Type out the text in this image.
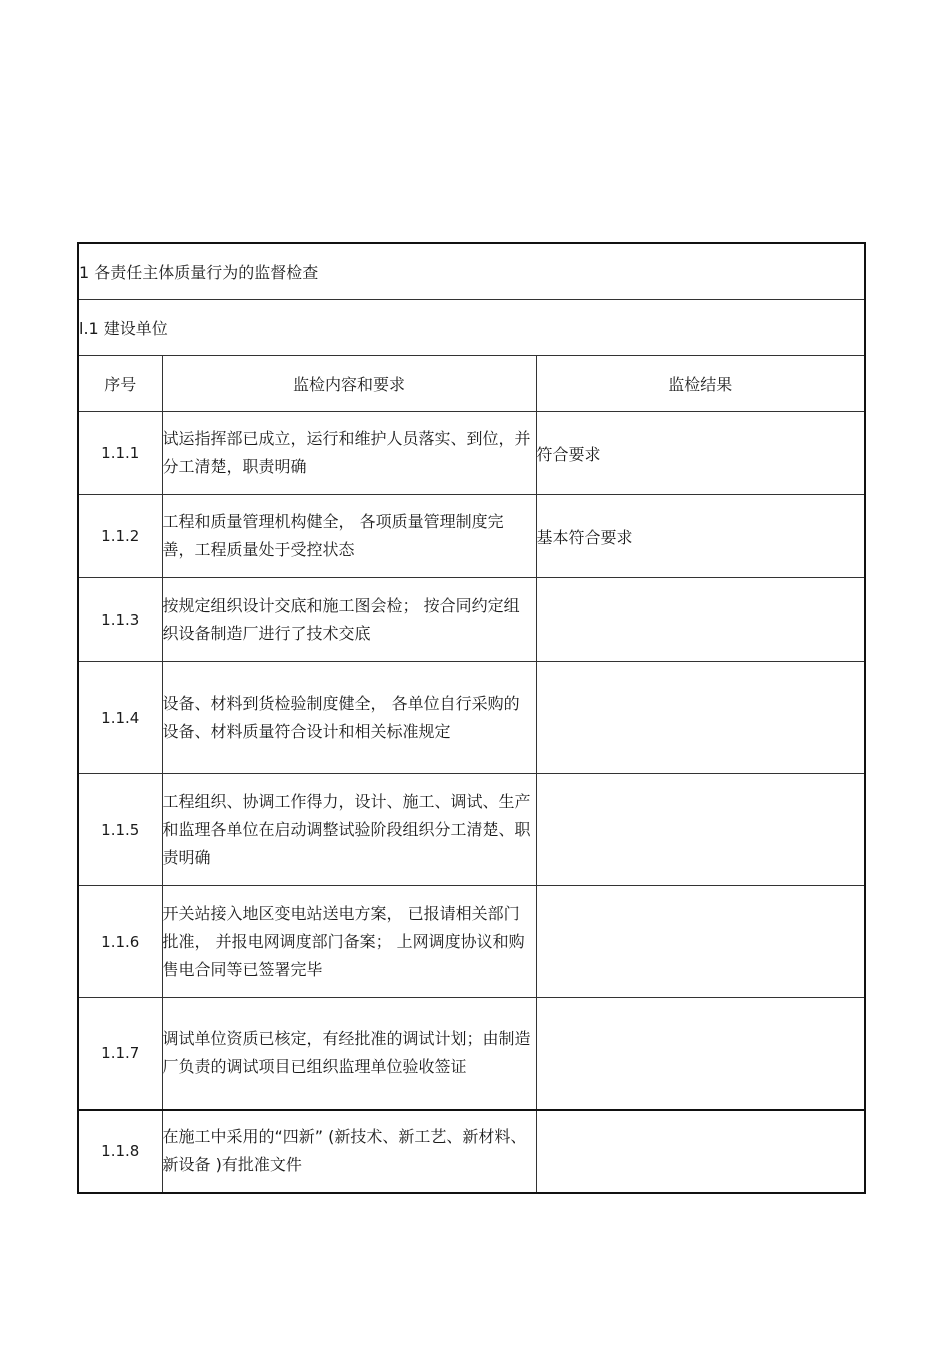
1 各责任主体质量行为的监督检查		
l.1 建设单位		
序号	监检内容和要求	监检结果
1.1.1	试运指挥部已成立，运行和维护人员落实、到位，并分工清楚，职责明确	符合要求
1.1.2	工程和质量管理机构健全， 各项质量管理制度完善，工程质量处于受控状态	基本符合要求
1.1.3	按规定组织设计交底和施工图会检； 按合同约定组织设备制造厂进行了技术交底	
1.1.4	设备、材料到货检验制度健全， 各单位自行采购的设备、材料质量符合设计和相关标准规定	
1.1.5	工程组织、协调工作得力，设计、施工、调试、生产和监理各单位在启动调整试验阶段组织分工清楚、职责明确	
1.1.6	开关站接入地区变电站送电方案， 已报请相关部门批准， 并报电网调度部门备案； 上网调度协议和购售电合同等已签署完毕	
1.1.7	调试单位资质已核定，有经批准的调试计划；由制造厂负责的调试项目已组织监理单位验收签证	
1.1.8	在施工中采用的“四新” (新技术、新工艺、新材料、新设备 )有批准文件	
